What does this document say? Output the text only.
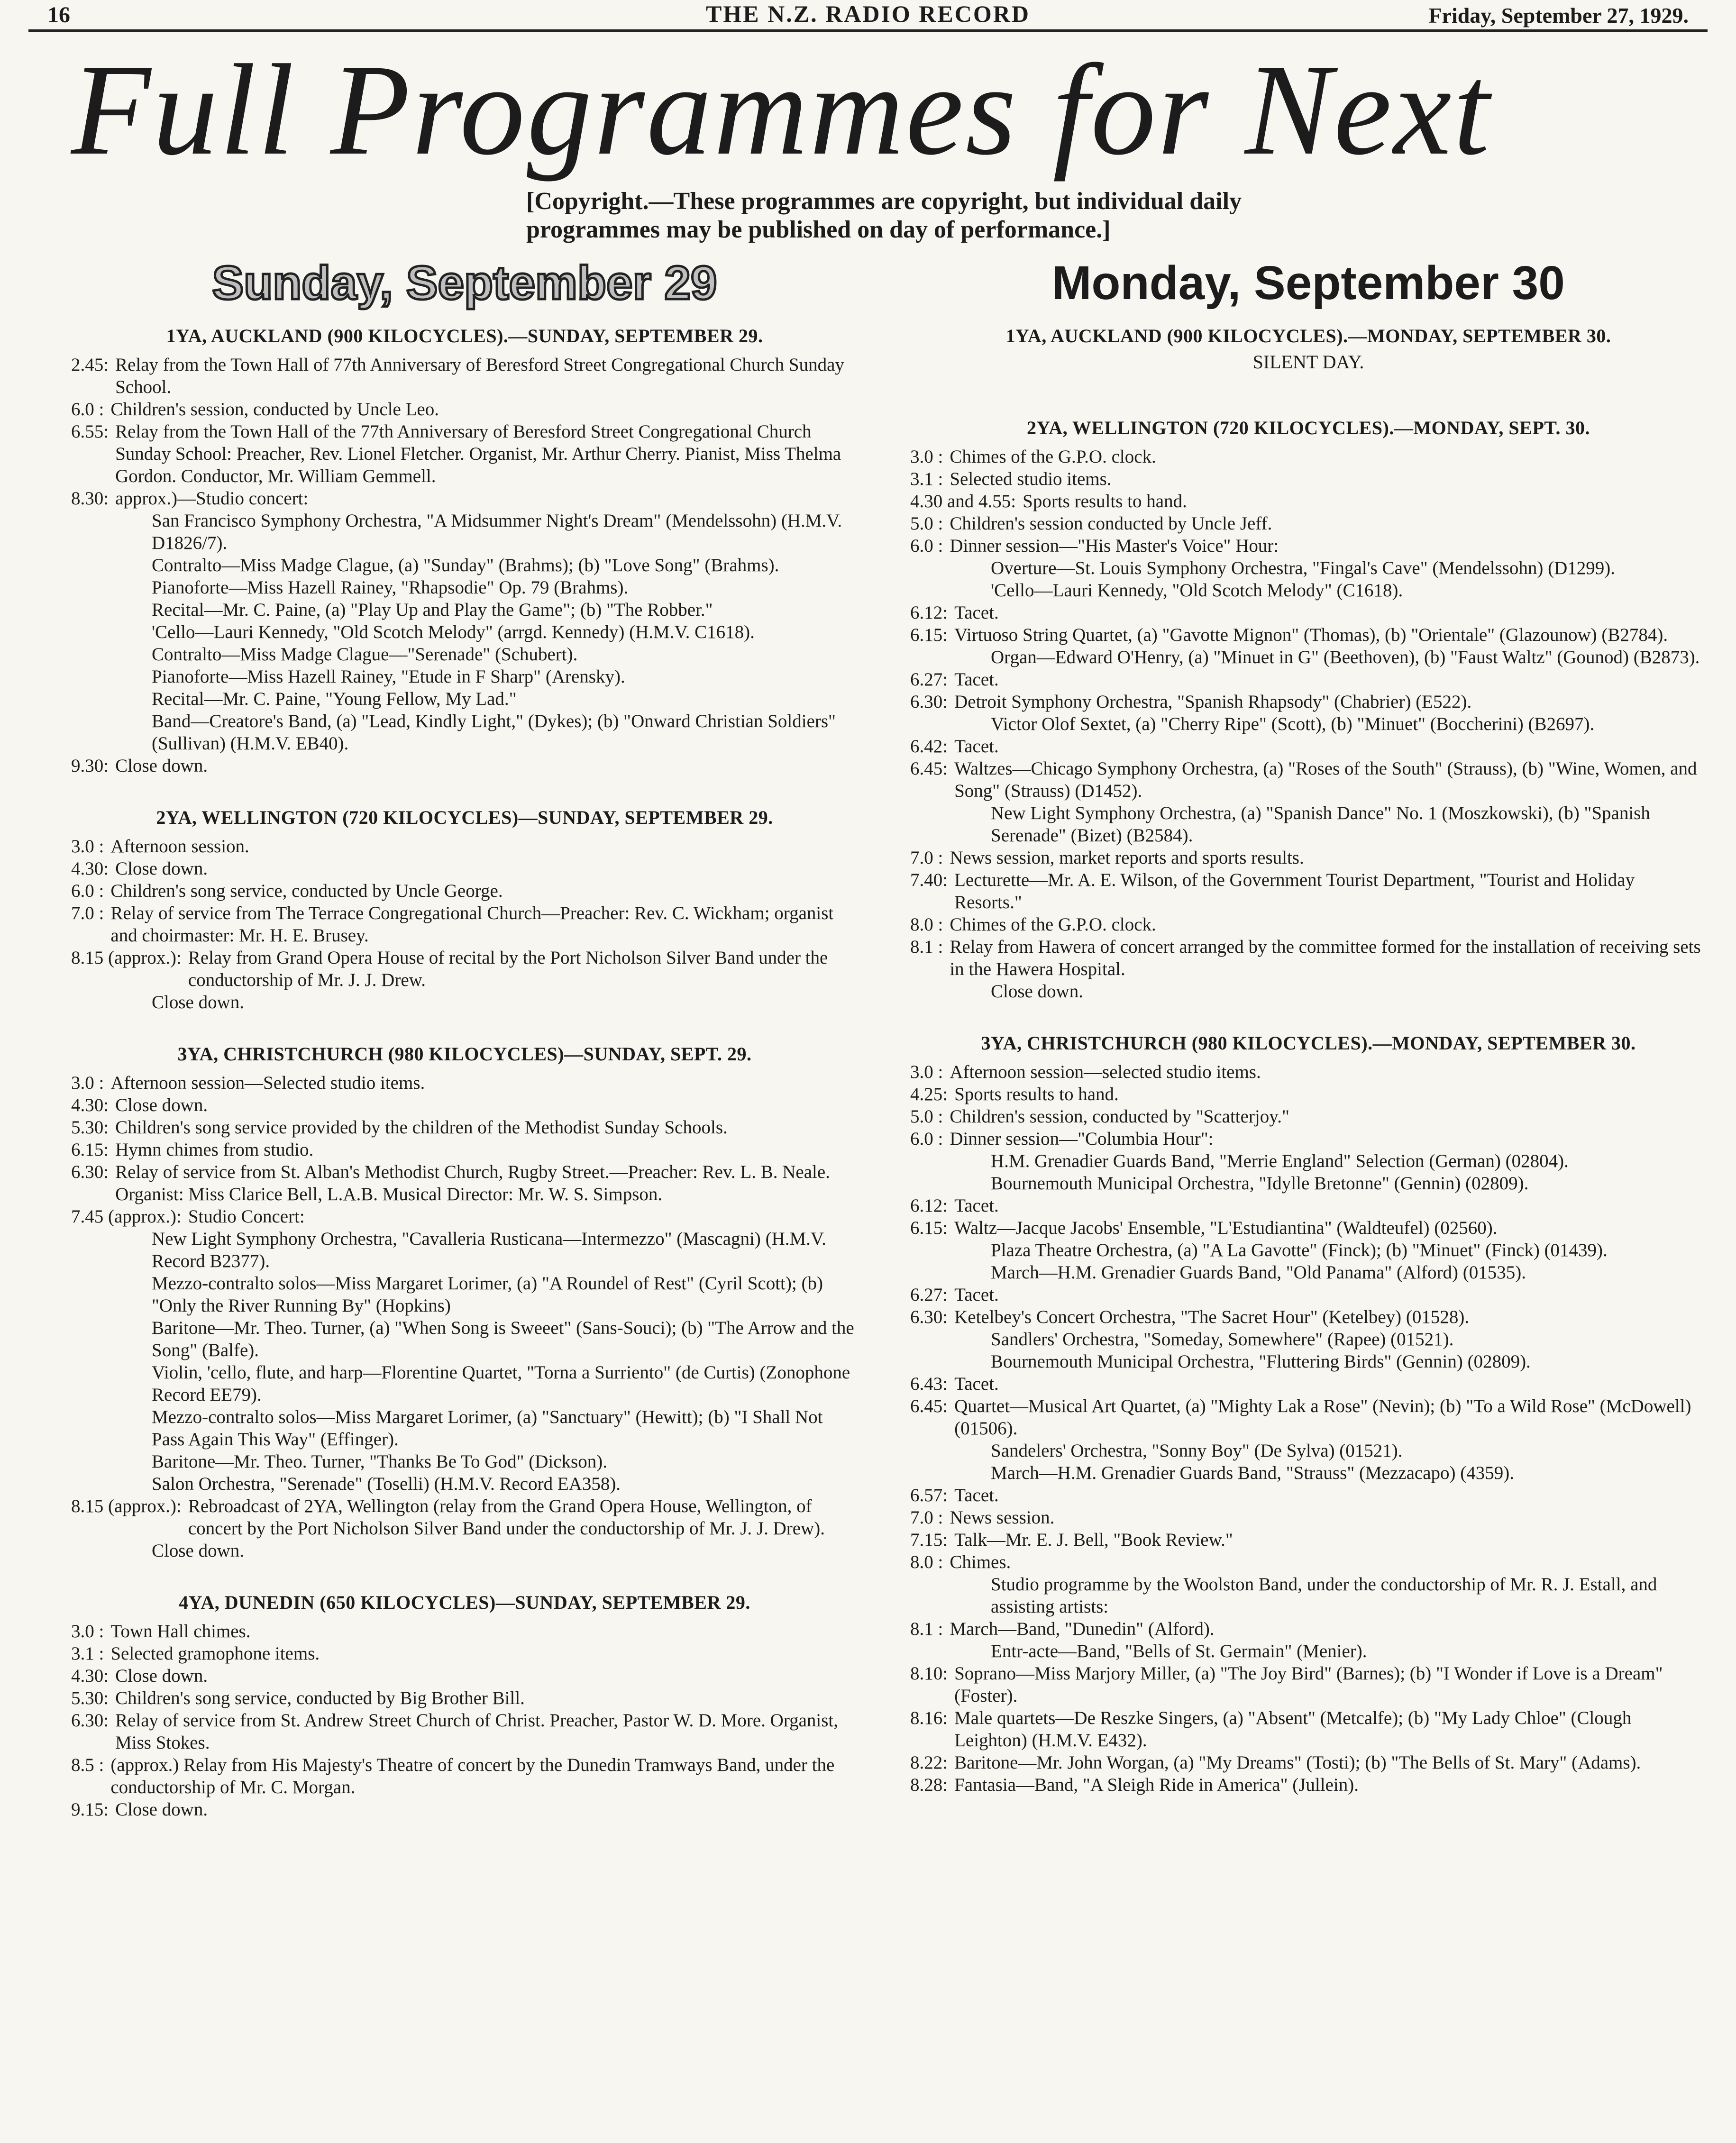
16	THE N.Z. RADIO RECORD	Friday, September 27, 1929.
Full Programmes for Next
[Copyright.—These programmes are copyright, but individual daily programmes may be published on day of performance.]
Sunday, September 29
1YA, AUCKLAND (900 KILOCYCLES).—SUNDAY, SEPTEMBER 29.
2.45: Relay from the Town Hall of 77th Anniversary of Beresford Street Congregational Church Sunday School.
6.0 : Children's session, conducted by Uncle Leo.
6.55: Relay from the Town Hall of the 77th Anniversary of Beresford Street Congregational Church Sunday School: Preacher, Rev. Lionel Fletcher. Organist, Mr. Arthur Cherry. Pianist, Miss Thelma Gordon. Conductor, Mr. William Gemmell.
8.30: approx.)—Studio concert:
San Francisco Symphony Orchestra, "A Midsummer Night's Dream" (Mendelssohn) (H.M.V. D1826/7).
Contralto—Miss Madge Clague, (a) "Sunday" (Brahms); (b) "Love Song" (Brahms).
Pianoforte—Miss Hazell Rainey, "Rhapsodie" Op. 79 (Brahms).
Recital—Mr. C. Paine, (a) "Play Up and Play the Game"; (b) "The Robber."
'Cello—Lauri Kennedy, "Old Scotch Melody" (arrgd. Kennedy) (H.M.V. C1618).
Contralto—Miss Madge Clague—"Serenade" (Schubert).
Pianoforte—Miss Hazell Rainey, "Etude in F Sharp" (Arensky).
Recital—Mr. C. Paine, "Young Fellow, My Lad."
Band—Creatore's Band, (a) "Lead, Kindly Light," (Dykes); (b) "Onward Christian Soldiers" (Sullivan) (H.M.V. EB40).
9.30: Close down.
2YA, WELLINGTON (720 KILOCYCLES)—SUNDAY, SEPTEMBER 29.
3.0 : Afternoon session.
4.30: Close down.
6.0 : Children's song service, conducted by Uncle George.
7.0 : Relay of service from The Terrace Congregational Church—Preacher: Rev. C. Wickham; organist and choirmaster: Mr. H. E. Brusey.
8.15 (approx.): Relay from Grand Opera House of recital by the Port Nicholson Silver Band under the conductorship of Mr. J. J. Drew.
Close down.
3YA, CHRISTCHURCH (980 KILOCYCLES)—SUNDAY, SEPT. 29.
3.0 : Afternoon session—Selected studio items.
4.30: Close down.
5.30: Children's song service provided by the children of the Methodist Sunday Schools.
6.15: Hymn chimes from studio.
6.30: Relay of service from St. Alban's Methodist Church, Rugby Street.—Preacher: Rev. L. B. Neale. Organist: Miss Clarice Bell, L.A.B. Musical Director: Mr. W. S. Simpson.
7.45 (approx.): Studio Concert:
New Light Symphony Orchestra, "Cavalleria Rusticana—Intermezzo" (Mascagni) (H.M.V. Record B2377).
Mezzo-contralto solos—Miss Margaret Lorimer, (a) "A Roundel of Rest" (Cyril Scott); (b) "Only the River Running By" (Hopkins)
Baritone—Mr. Theo. Turner, (a) "When Song is Sweeet" (Sans-Souci); (b) "The Arrow and the Song" (Balfe).
Violin, 'cello, flute, and harp—Florentine Quartet, "Torna a Surriento" (de Curtis) (Zonophone Record EE79).
Mezzo-contralto solos—Miss Margaret Lorimer, (a) "Sanctuary" (Hewitt); (b) "I Shall Not Pass Again This Way" (Effinger).
Baritone—Mr. Theo. Turner, "Thanks Be To God" (Dickson).
Salon Orchestra, "Serenade" (Toselli) (H.M.V. Record EA358).
8.15 (approx.): Rebroadcast of 2YA, Wellington (relay from the Grand Opera House, Wellington, of concert by the Port Nicholson Silver Band under the conductorship of Mr. J. J. Drew).
Close down.
4YA, DUNEDIN (650 KILOCYCLES)—SUNDAY, SEPTEMBER 29.
3.0 : Town Hall chimes.
3.1 : Selected gramophone items.
4.30: Close down.
5.30: Children's song service, conducted by Big Brother Bill.
6.30: Relay of service from St. Andrew Street Church of Christ. Preacher, Pastor W. D. More. Organist, Miss Stokes.
8.5 : (approx.) Relay from His Majesty's Theatre of concert by the Dunedin Tramways Band, under the conductorship of Mr. C. Morgan.
9.15: Close down.
Monday, September 30
1YA, AUCKLAND (900 KILOCYCLES).—MONDAY, SEPTEMBER 30.
SILENT DAY.
2YA, WELLINGTON (720 KILOCYCLES).—MONDAY, SEPT. 30.
3.0 : Chimes of the G.P.O. clock.
3.1 : Selected studio items.
4.30 and 4.55: Sports results to hand.
5.0 : Children's session conducted by Uncle Jeff.
6.0 : Dinner session—"His Master's Voice" Hour:
Overture—St. Louis Symphony Orchestra, "Fingal's Cave" (Mendelssohn) (D1299).
'Cello—Lauri Kennedy, "Old Scotch Melody" (C1618).
6.12: Tacet.
6.15: Virtuoso String Quartet, (a) "Gavotte Mignon" (Thomas), (b) "Orientale" (Glazounow) (B2784).
Organ—Edward O'Henry, (a) "Minuet in G" (Beethoven), (b) "Faust Waltz" (Gounod) (B2873).
6.27: Tacet.
6.30: Detroit Symphony Orchestra, "Spanish Rhapsody" (Chabrier) (E522).
Victor Olof Sextet, (a) "Cherry Ripe" (Scott), (b) "Minuet" (Boccherini) (B2697).
6.42: Tacet.
6.45: Waltzes—Chicago Symphony Orchestra, (a) "Roses of the South" (Strauss), (b) "Wine, Women, and Song" (Strauss) (D1452).
New Light Symphony Orchestra, (a) "Spanish Dance" No. 1 (Moszkowski), (b) "Spanish Serenade" (Bizet) (B2584).
7.0 : News session, market reports and sports results.
7.40: Lecturette—Mr. A. E. Wilson, of the Government Tourist Department, "Tourist and Holiday Resorts."
8.0 : Chimes of the G.P.O. clock.
8.1 : Relay from Hawera of concert arranged by the committee formed for the installation of receiving sets in the Hawera Hospital.
Close down.
3YA, CHRISTCHURCH (980 KILOCYCLES).—MONDAY, SEPTEMBER 30.
3.0 : Afternoon session—selected studio items.
4.25: Sports results to hand.
5.0 : Children's session, conducted by "Scatterjoy."
6.0 : Dinner session—"Columbia Hour":
H.M. Grenadier Guards Band, "Merrie England" Selection (German) (02804).
Bournemouth Municipal Orchestra, "Idylle Bretonne" (Gennin) (02809).
6.12: Tacet.
6.15: Waltz—Jacque Jacobs' Ensemble, "L'Estudiantina" (Waldteufel) (02560).
Plaza Theatre Orchestra, (a) "A La Gavotte" (Finck); (b) "Minuet" (Finck) (01439).
March—H.M. Grenadier Guards Band, "Old Panama" (Alford) (01535).
6.27: Tacet.
6.30: Ketelbey's Concert Orchestra, "The Sacret Hour" (Ketelbey) (01528).
Sandlers' Orchestra, "Someday, Somewhere" (Rapee) (01521).
Bournemouth Municipal Orchestra, "Fluttering Birds" (Gennin) (02809).
6.43: Tacet.
6.45: Quartet—Musical Art Quartet, (a) "Mighty Lak a Rose" (Nevin); (b) "To a Wild Rose" (McDowell) (01506).
Sandelers' Orchestra, "Sonny Boy" (De Sylva) (01521).
March—H.M. Grenadier Guards Band, "Strauss" (Mezzacapo) (4359).
6.57: Tacet.
7.0 : News session.
7.15: Talk—Mr. E. J. Bell, "Book Review."
8.0 : Chimes.
Studio programme by the Woolston Band, under the conductorship of Mr. R. J. Estall, and assisting artists:
8.1 : March—Band, "Dunedin" (Alford).
Entr-acte—Band, "Bells of St. Germain" (Menier).
8.10: Soprano—Miss Marjory Miller, (a) "The Joy Bird" (Barnes); (b) "I Wonder if Love is a Dream" (Foster).
8.16: Male quartets—De Reszke Singers, (a) "Absent" (Metcalfe); (b) "My Lady Chloe" (Clough Leighton) (H.M.V. E432).
8.22: Baritone—Mr. John Worgan, (a) "My Dreams" (Tosti); (b) "The Bells of St. Mary" (Adams).
8.28: Fantasia—Band, "A Sleigh Ride in America" (Jullein).
